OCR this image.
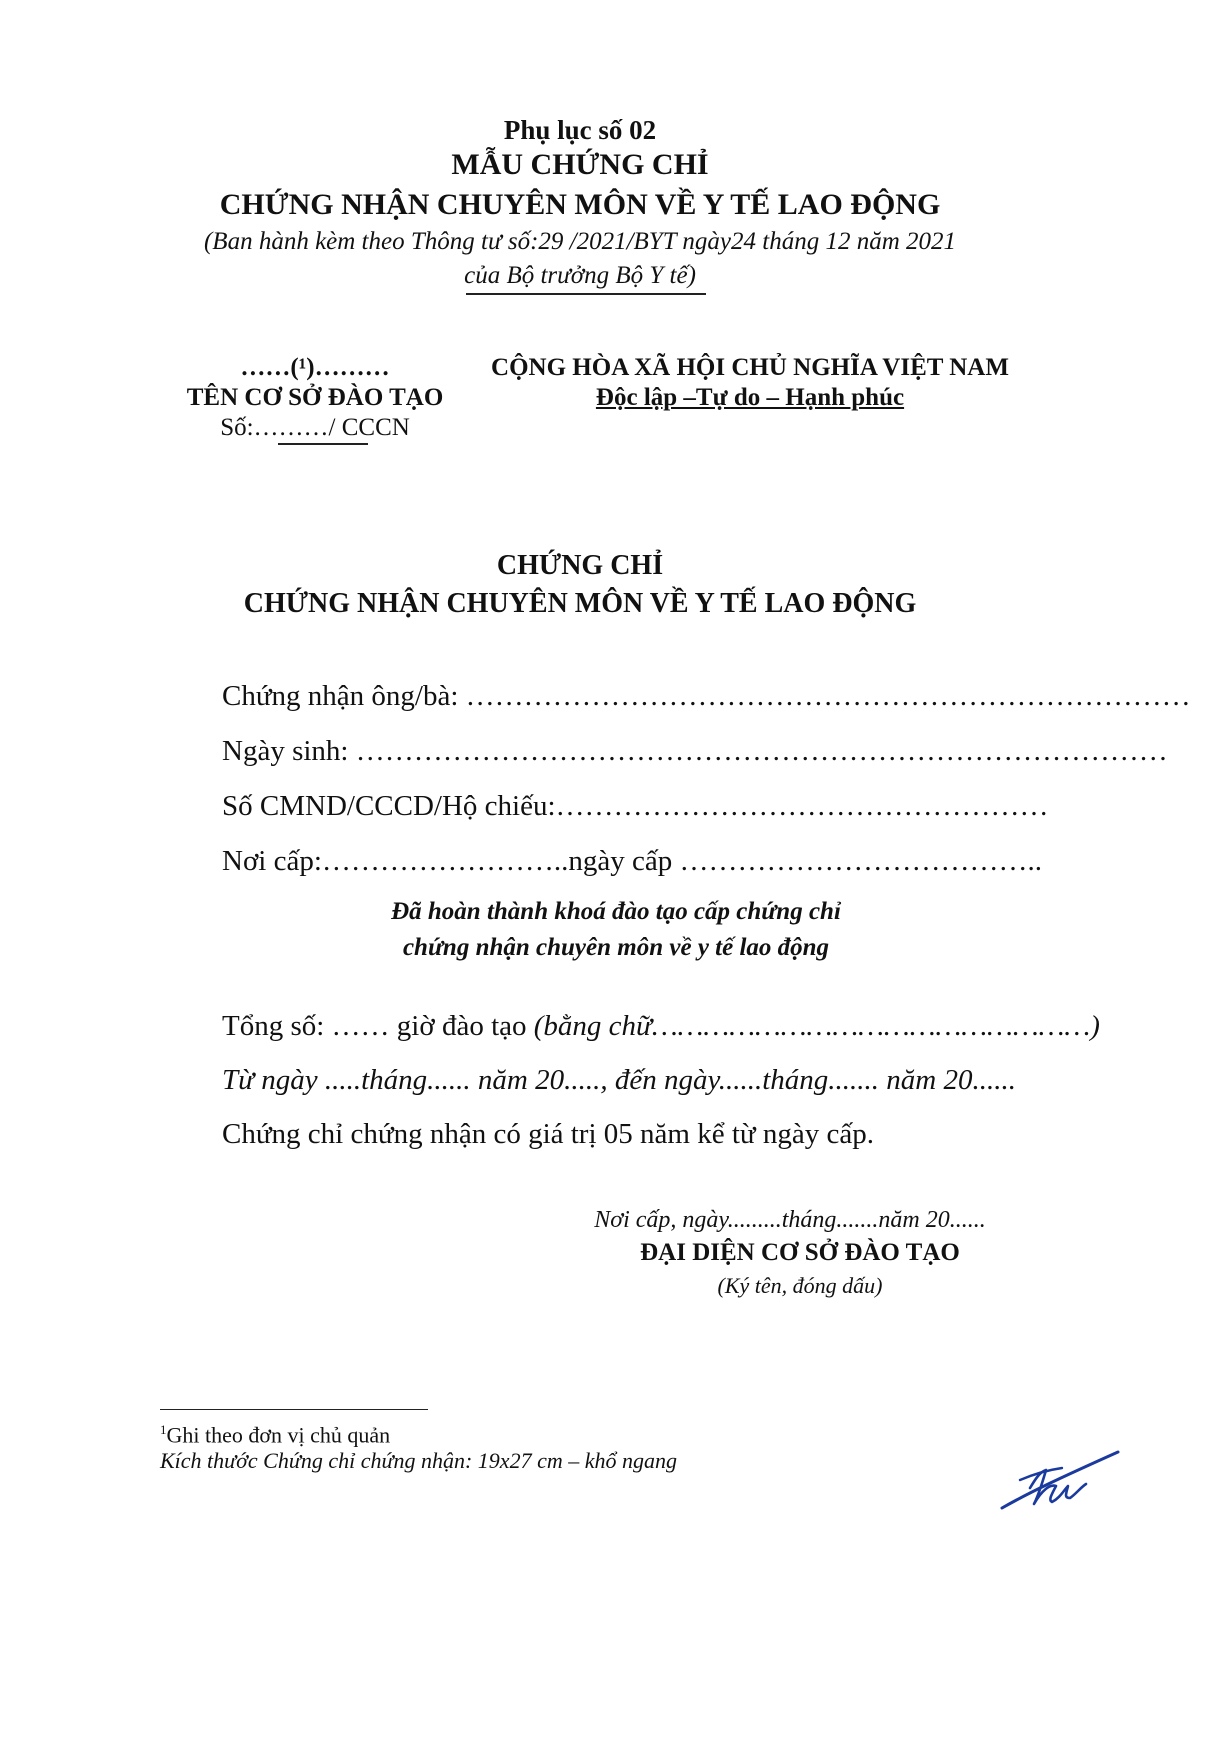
Phụ lục số 02
MẪU CHỨNG CHỈ
CHỨNG NHẬN CHUYÊN MÔN VỀ Y TẾ LAO ĐỘNG
(Ban hành kèm theo Thông tư số:29 /2021/BYT ngày24 tháng 12 năm 2021
của Bộ trưởng Bộ Y tế)
……(¹)………
TÊN CƠ SỞ ĐÀO TẠO
Số:………/ CCCN
CỘNG HÒA XÃ HỘI CHỦ NGHĨA VIỆT NAM
Độc lập –Tự do – Hạnh phúc
CHỨNG CHỈ
CHỨNG NHẬN CHUYÊN MÔN VỀ Y TẾ LAO ĐỘNG
Chứng nhận ông/bà: …………………………………………………………………
Ngày sinh: …………………………………………………………………………
Số CMND/CCCD/Hộ chiếu:……………………………………………
Nơi cấp:……………………..ngày cấp ………………………………..
Đã hoàn thành khoá đào tạo cấp chứng chỉ
chứng nhận chuyên môn về y tế lao động
Tổng số: …… giờ đào tạo (bằng chữ……………………………………………)
Từ ngày .....tháng...... năm 20....., đến ngày......tháng....... năm 20......
Chứng chỉ chứng nhận có giá trị 05 năm kể từ ngày cấp.
Nơi cấp, ngày.........tháng.......năm 20......
ĐẠI DIỆN CƠ SỞ ĐÀO TẠO
(Ký tên, đóng dấu)
$^1$Ghi theo đơn vị chủ quản
Kích thước Chứng chỉ chứng nhận: 19x27 cm – khổ ngang
